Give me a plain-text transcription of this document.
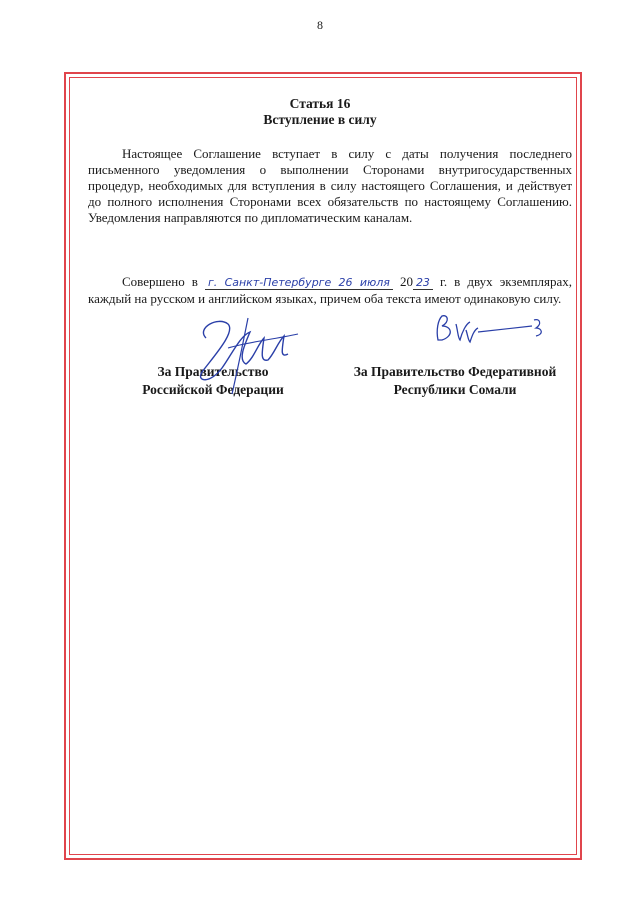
8
Статья 16
Вступление в силу

Настоящее Соглашение вступает в силу с даты получения последнего письменного уведомления о выполнении Сторонами внутригосударственных процедур, необходимых для вступления в силу настоящего Соглашения, и действует до полного исполнения Сторонами всех обязательств по настоящему Соглашению. Уведомления направляются по дипломатическим каналам.

Совершено в г. Санкт-Петербурге 26 июля 20 23 г. в двух экземплярах, каждый на русском и английском языках, причем оба текста имеют одинаковую силу.

За Правительство
Российской Федерации
За Правительство Федеративной
Республики Сомали
